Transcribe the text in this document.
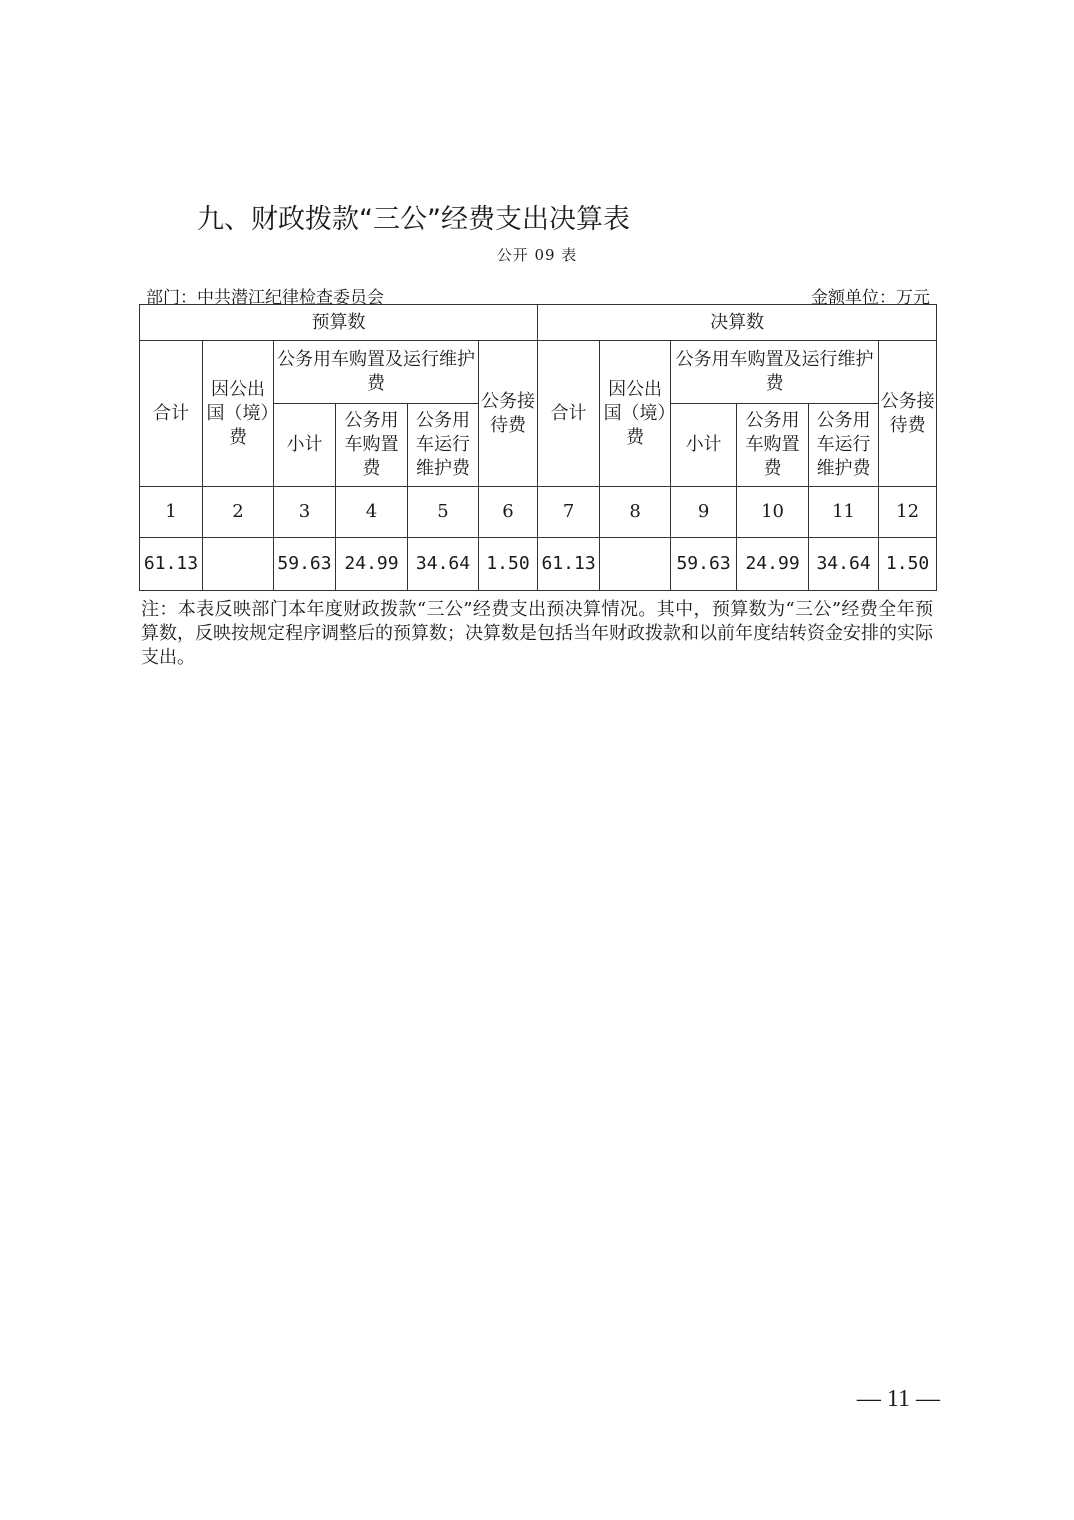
九、财政拨款“三公”经费支出决算表
公开 09 表
部门：中共潜江纪律检查委员会	金额单位：万元
预算数						决算数					
合计	因公出国（境）费	公务用车购置及运行维护费			公务接待费	合计	因公出国（境）费	公务用车购置及运行维护费			公务接待费
		小计	公务用车购置费	公务用车运行维护费				小计	公务用车购置费	公务用车运行维护费	
1	2	3	4	5	6	7	8	9	10	11	12
61.13		59.63	24.99	34.64	1.50	61.13		59.63	24.99	34.64	1.50
注：本表反映部门本年度财政拨款“三公”经费支出预决算情况。其中，预算数为“三公”经费全年预算数，反映按规定程序调整后的预算数；决算数是包括当年财政拨款和以前年度结转资金安排的实际支出。
— 11 —
